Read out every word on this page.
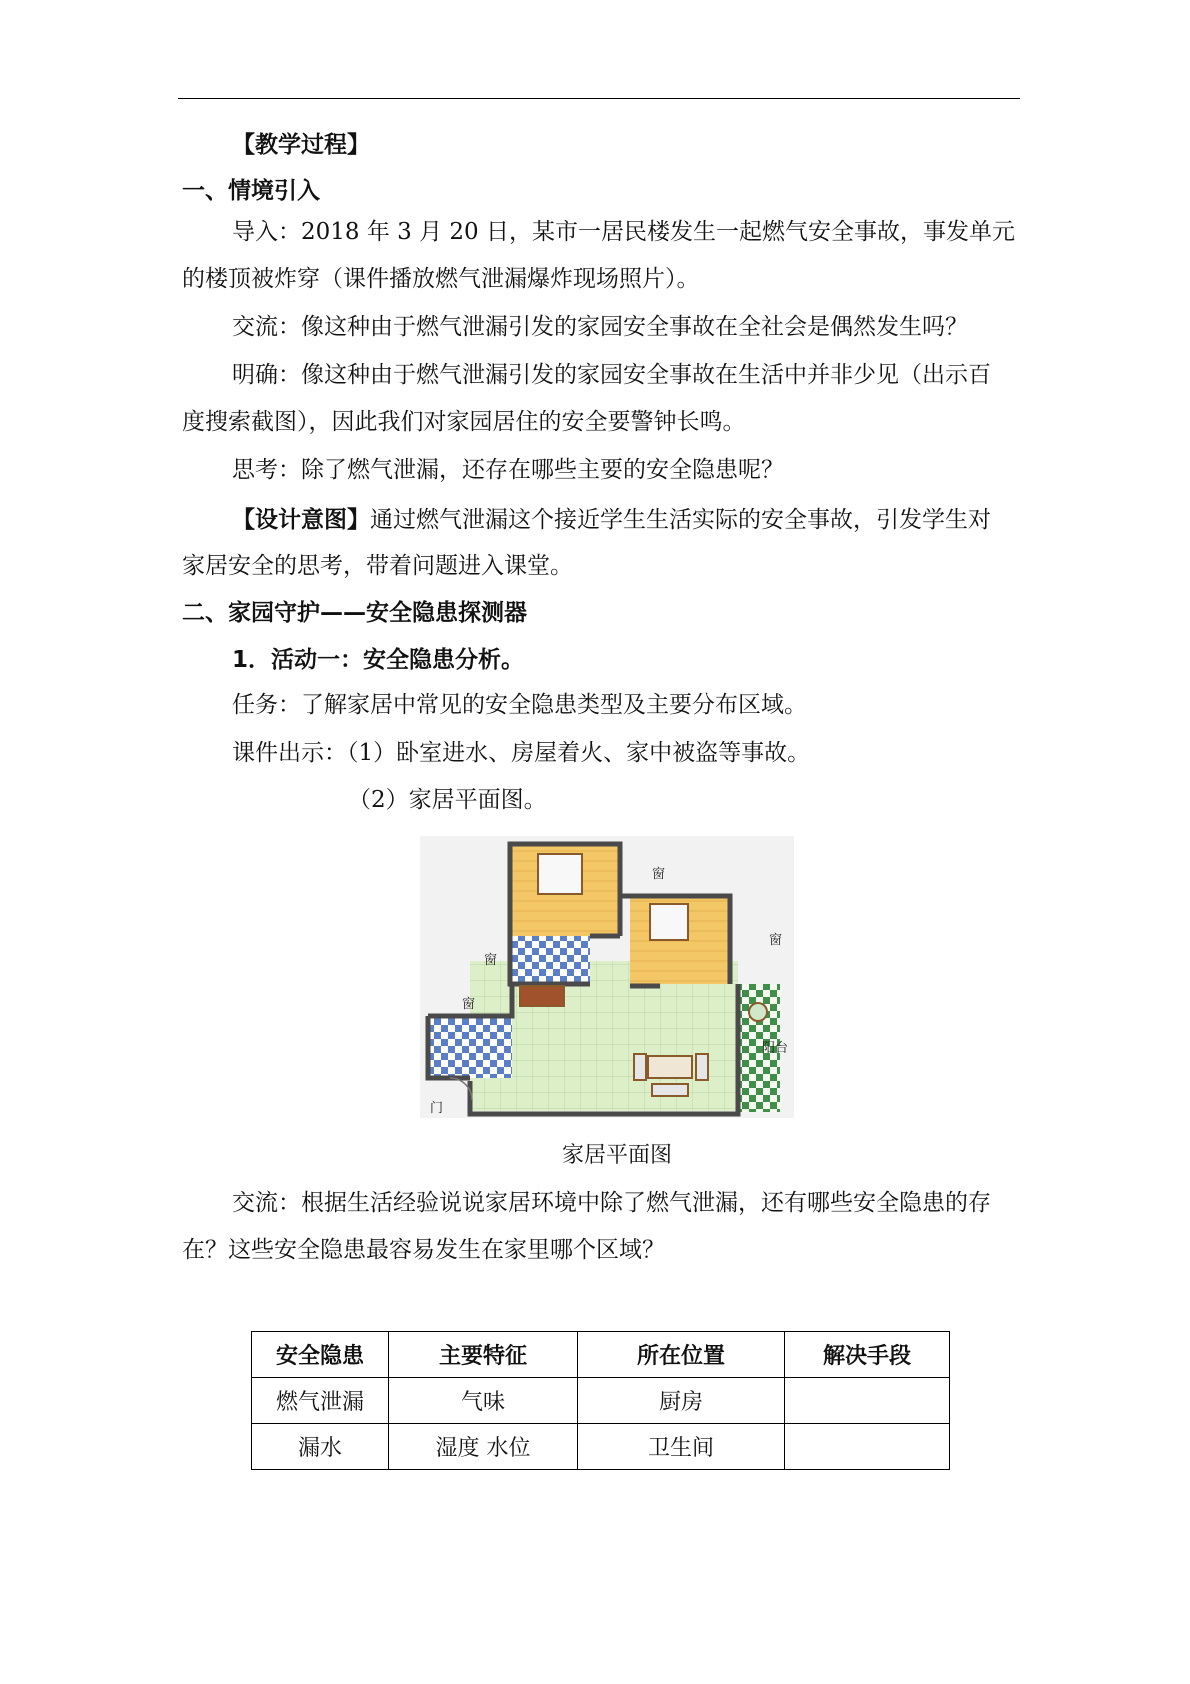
【教学过程】
一、情境引入
导入：2018 年 3 月 20 日，某市一居民楼发生一起燃气安全事故，事发单元
的楼顶被炸穿（课件播放燃气泄漏爆炸现场照片）。
交流：像这种由于燃气泄漏引发的家园安全事故在全社会是偶然发生吗？
明确：像这种由于燃气泄漏引发的家园安全事故在生活中并非少见（出示百
度搜索截图），因此我们对家园居住的安全要警钟长鸣。
思考：除了燃气泄漏，还存在哪些主要的安全隐患呢？
【设计意图】通过燃气泄漏这个接近学生生活实际的安全事故，引发学生对
家居安全的思考，带着问题进入课堂。
二、家园守护——安全隐患探测器
1．活动一：安全隐患分析。
任务：了解家居中常见的安全隐患类型及主要分布区域。
课件出示：（1）卧室进水、房屋着火、家中被盗等事故。
（2）家居平面图。
窗
窗
窗
窗
阳台
门
家居平面图
交流：根据生活经验说说家居环境中除了燃气泄漏，还有哪些安全隐患的存
在？这些安全隐患最容易发生在家里哪个区域？
安全隐患	主要特征	所在位置	解决手段
燃气泄漏	气味	厨房	
漏水	湿度 水位	卫生间	
